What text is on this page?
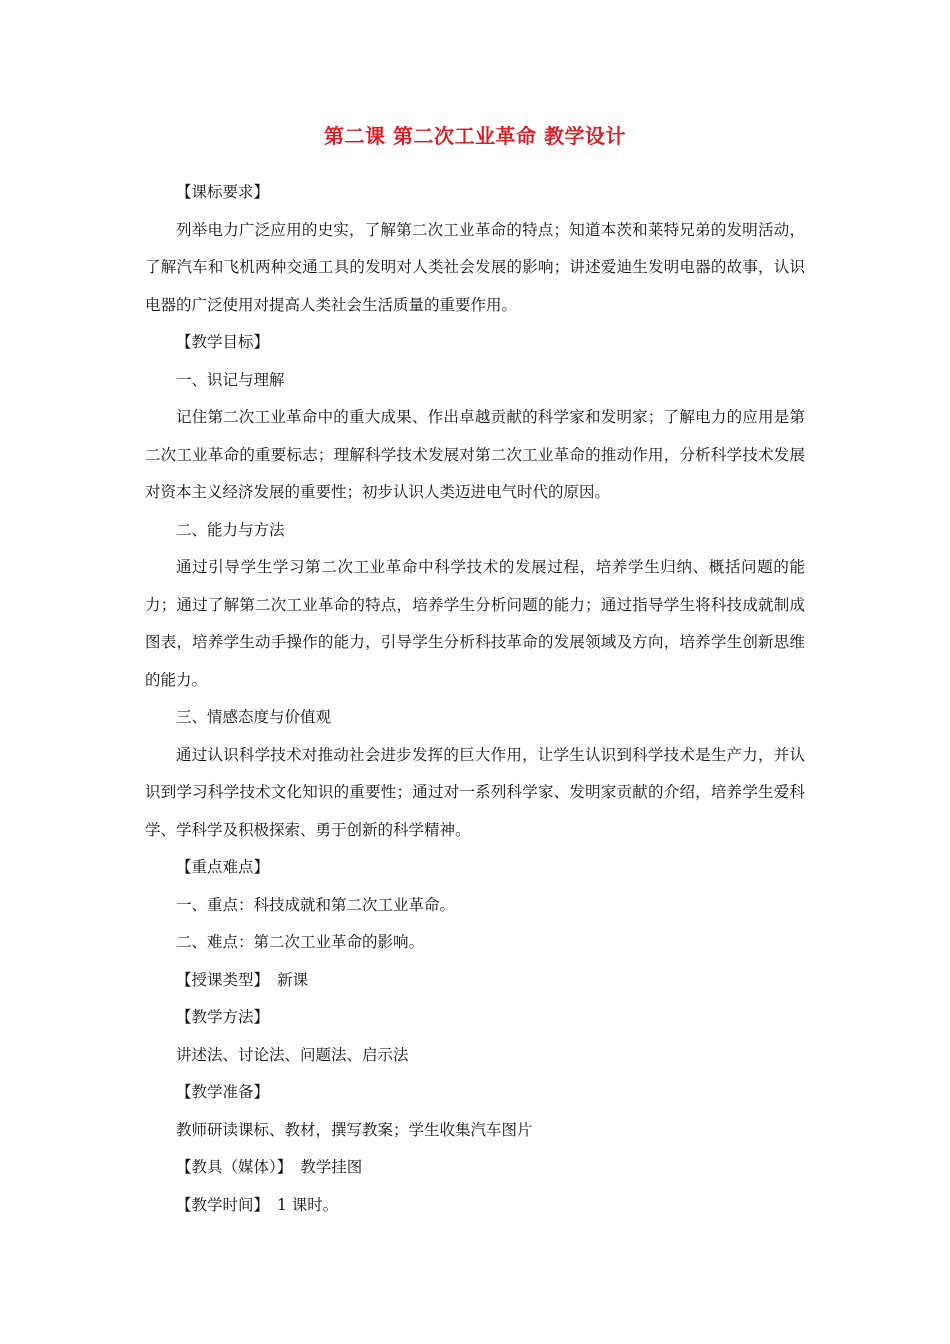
第二课 第二次工业革命 教学设计

【课标要求】

列举电力广泛应用的史实，了解第二次工业革命的特点；知道本茨和莱特兄弟的发明活动，了解汽车和飞机两种交通工具的发明对人类社会发展的影响；讲述爱迪生发明电器的故事，认识电器的广泛使用对提高人类社会生活质量的重要作用。

【教学目标】

一、识记与理解

记住第二次工业革命中的重大成果、作出卓越贡献的科学家和发明家；了解电力的应用是第二次工业革命的重要标志；理解科学技术发展对第二次工业革命的推动作用，分析科学技术发展对资本主义经济发展的重要性；初步认识人类迈进电气时代的原因。

二、能力与方法

通过引导学生学习第二次工业革命中科学技术的发展过程，培养学生归纳、概括问题的能力；通过了解第二次工业革命的特点，培养学生分析问题的能力；通过指导学生将科技成就制成图表，培养学生动手操作的能力，引导学生分析科技革命的发展领域及方向，培养学生创新思维的能力。

三、情感态度与价值观

通过认识科学技术对推动社会进步发挥的巨大作用，让学生认识到科学技术是生产力，并认识到学习科学技术文化知识的重要性；通过对一系列科学家、发明家贡献的介绍，培养学生爱科学、学科学及积极探索、勇于创新的科学精神。

【重点难点】

一、重点：科技成就和第二次工业革命。

二、难点：第二次工业革命的影响。

【授课类型】 新课

【教学方法】

讲述法、讨论法、问题法、启示法

【教学准备】

教师研读课标、教材，撰写教案；学生收集汽车图片

【教具（媒体）】 教学挂图

【教学时间】 1 课时。
